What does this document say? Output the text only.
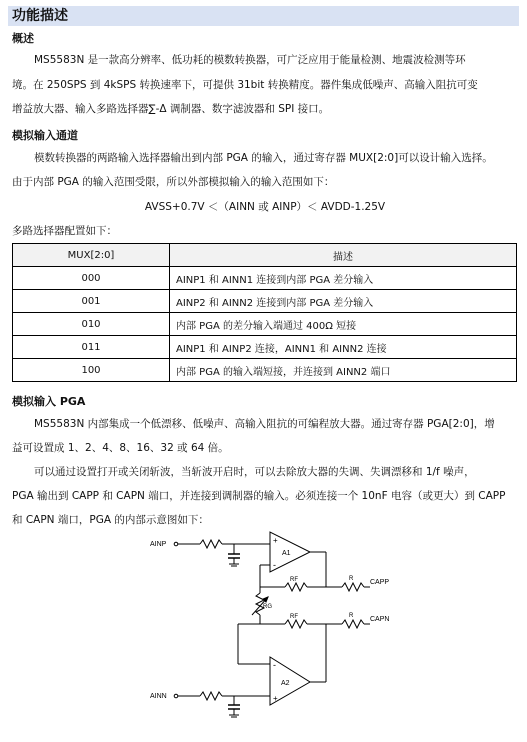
功能描述
概述
MS5583N 是一款高分辨率、低功耗的模数转换器，可广泛应用于能量检测、地震波检测等环
境。在 250SPS 到 4kSPS 转换速率下，可提供 31bit 转换精度。器件集成低噪声、高输入阻抗可变
增益放大器、输入多路选择器∑-Δ 调制器、数字滤波器和 SPI 接口。
模拟输入通道
模数转换器的两路输入选择器输出到内部 PGA 的输入，通过寄存器 MUX[2:0]可以设计输入选择。
由于内部 PGA 的输入范围受限，所以外部模拟输入的输入范围如下：
AVSS+0.7V ＜（AINN 或 AINP）＜ AVDD-1.25V
多路选择器配置如下：
MUX[2:0]	描述
000	AINP1 和 AINN1 连接到内部 PGA 差分输入
001	AINP2 和 AINN2 连接到内部 PGA 差分输入
010	内部 PGA 的差分输入端通过 400Ω 短接
011	AINP1 和 AINP2 连接，AINN1 和 AINN2 连接
100	内部 PGA 的输入端短接，并连接到 AINN2 端口
模拟输入 PGA
MS5583N 内部集成一个低漂移、低噪声、高输入阻抗的可编程放大器。通过寄存器 PGA[2:0]，增
益可设置成 1、2、4、8、16、32 或 64 倍。
可以通过设置打开或关闭斩波，当斩波开启时，可以去除放大器的失调、失调漂移和 1/f 噪声，
PGA 输出到 CAPP 和 CAPN 端口，并连接到调制器的输入。必须连接一个 10nF 电容（或更大）到 CAPP
和 CAPN 端口，PGA 的内部示意图如下：
AINP	+
-
A1
RF	R CAPP
RG
RF	R CAPN
-
+
A2
AINN
